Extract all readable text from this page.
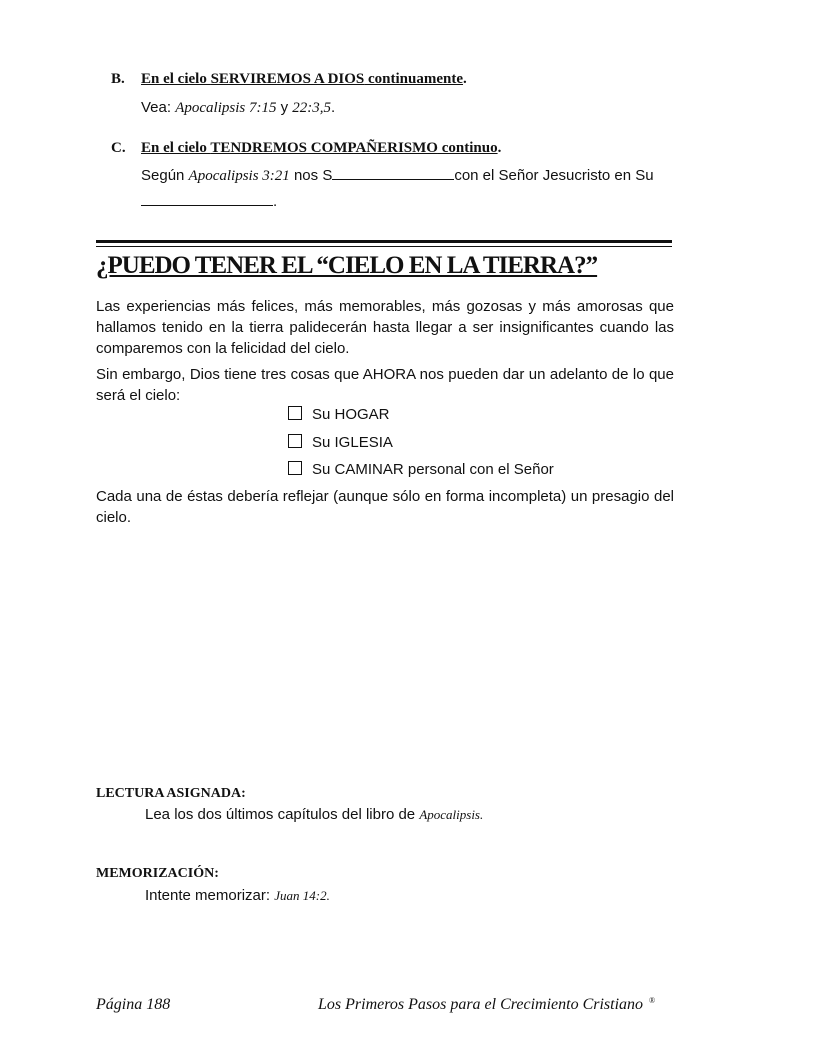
B. En el cielo SERVIREMOS A DIOS continuamente.
Vea: Apocalipsis 7:15 y 22:3,5.
C. En el cielo TENDREMOS COMPAÑERISMO continuo.
Según Apocalipsis 3:21 nos S	con el Señor Jesucristo en Su
.
¿PUEDO TENER EL “CIELO EN LA TIERRA?”
Las experiencias más felices, más memorables, más gozosas y más amorosas que hallamos tenido en la tierra palidecerán hasta llegar a ser insignificantes cuando las comparemos con la felicidad del cielo.
Sin embargo, Dios tiene tres cosas que AHORA nos pueden dar un adelanto de lo que será el cielo:
Su HOGAR
Su IGLESIA
Su CAMINAR personal con el Señor
Cada una de éstas debería reflejar (aunque sólo en forma incompleta) un presagio del cielo.
LECTURA ASIGNADA:
Lea los dos últimos capítulos del libro de Apocalipsis.
MEMORIZACIÓN:
Intente memorizar: Juan 14:2.
Página 188	Los Primeros Pasos para el Crecimiento Cristiano ®
